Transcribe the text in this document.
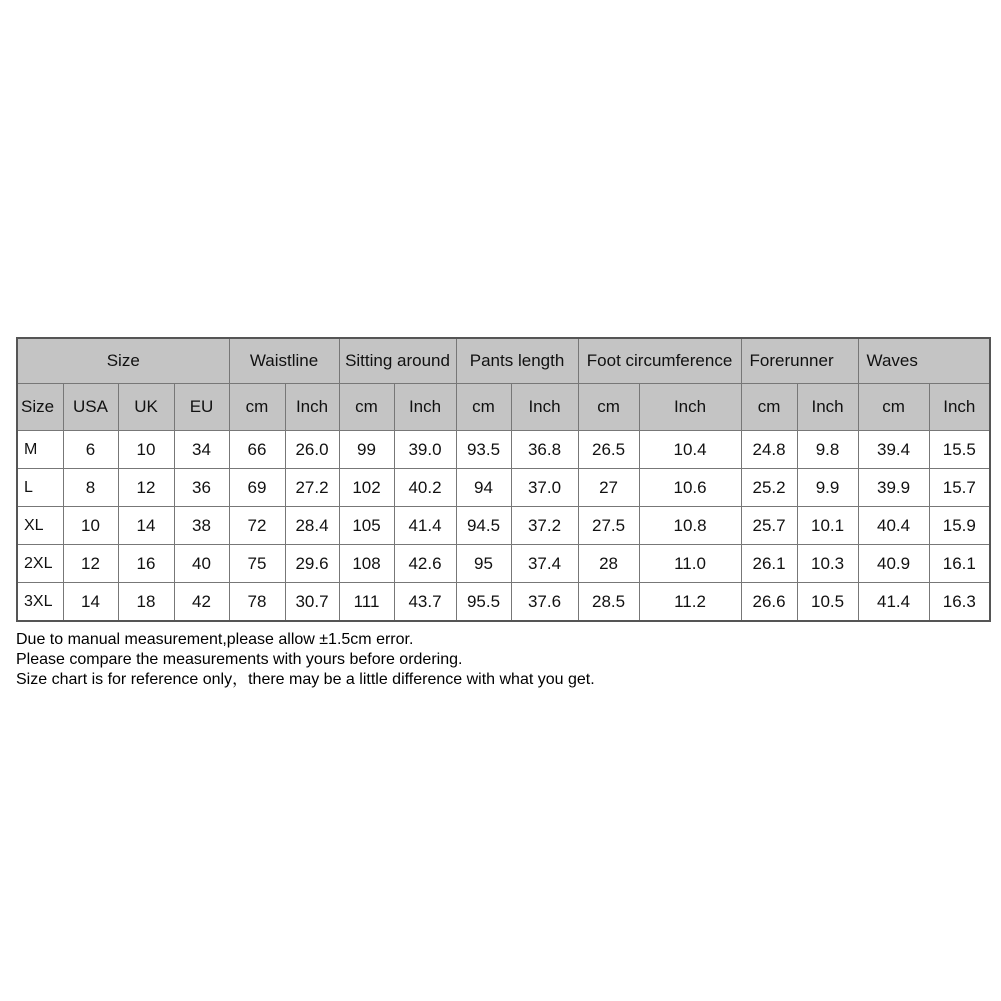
Size				Waistline		Sitting around		Pants length		Foot circumference		Forerunner		Waves	
Size	USA	UK	EU	cm	Inch	cm	Inch	cm	Inch	cm	Inch	cm	Inch	cm	Inch
M	6	10	34	66	26.0	99	39.0	93.5	36.8	26.5	10.4	24.8	9.8	39.4	15.5
L	8	12	36	69	27.2	102	40.2	94	37.0	27	10.6	25.2	9.9	39.9	15.7
XL	10	14	38	72	28.4	105	41.4	94.5	37.2	27.5	10.8	25.7	10.1	40.4	15.9
2XL	12	16	40	75	29.6	108	42.6	95	37.4	28	11.0	26.1	10.3	40.9	16.1
3XL	14	18	42	78	30.7	111	43.7	95.5	37.6	28.5	11.2	26.6	10.5	41.4	16.3

Due to manual measurement,please allow ±1.5cm error.

Please compare the measurements with yours before ordering.

Size chart is for reference only，there may be a little difference with what you get.
